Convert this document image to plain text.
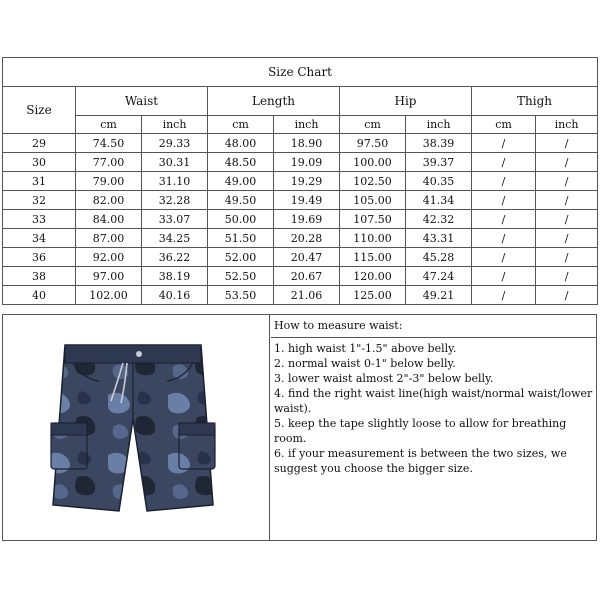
Size Chart								
Size	Waist		Length		Hip		Thigh	
	cm	inch	cm	inch	cm	inch	cm	inch
29	74.50	29.33	48.00	18.90	97.50	38.39	/	/
30	77.00	30.31	48.50	19.09	100.00	39.37	/	/
31	79.00	31.10	49.00	19.29	102.50	40.35	/	/
32	82.00	32.28	49.50	19.49	105.00	41.34	/	/
33	84.00	33.07	50.00	19.69	107.50	42.32	/	/
34	87.00	34.25	51.50	20.28	110.00	43.31	/	/
36	92.00	36.22	52.00	20.47	115.00	45.28	/	/
38	97.00	38.19	52.50	20.67	120.00	47.24	/	/
40	102.00	40.16	53.50	21.06	125.00	49.21	/	/
How to measure waist:
1. high waist 1"-1.5" above belly.
2. normal waist 0-1" below belly.
3. lower waist almost 2"-3" below belly.
4. find the right waist line(high waist/normal waist/lower waist).
5. keep the tape slightly loose to allow for breathing room.
6. if your measurement is between the two sizes, we suggest you choose the bigger size.
